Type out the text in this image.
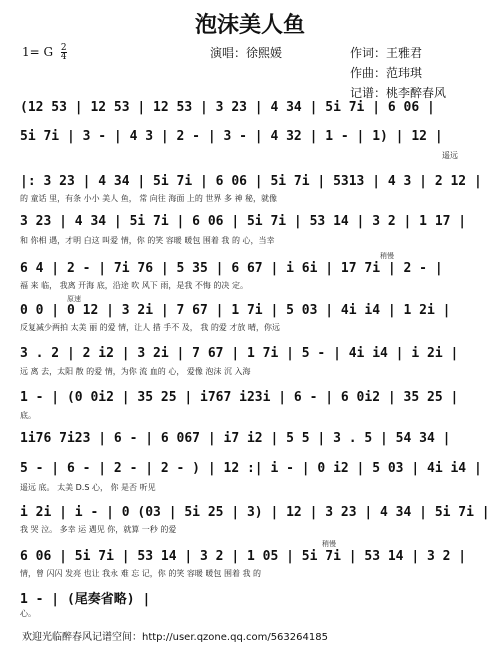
泡沫美人鱼
1= G $\frac{2}{4}$	演唱：徐熙媛	作词：王雅君
作曲：范玮琪
记谱：桃李醉春风
(12 53 | 12 53 | 12 53 | 3 23 | 4 34 | 5i 7i | 6 06 |
5i 7i | 3 - | 4 3 | 2 - | 3 - | 4 32 | 1 - | 1) | 12 |
遥远
|: 3 23 | 4 34 | 5i 7i | 6 06 | 5i 7i | 5313 | 4 3 | 2 12 |
的 童话 里，有条 小小 美人 鱼， 常 向往 海面 上的 世界 多 神 秘，就像
3 23 | 4 34 | 5i 7i | 6 06 | 5i 7i | 53 14 | 3 2 | 1 17 |
和 你相 遇，才明 白这 叫爱 情，你 的笑 容暖 暖包 围着 我 的 心，当幸
稍慢
6 4 | 2 - | 7i 76 | 5 35 | 6 67 | i 6i | 17 7i | 2 - |
福 来 临， 我离 开海 底，沿途 吹 风下 雨，是我 不悔 的决 定。
原速
0 0 | 0 12 | 3 2i | 7 67 | 1 7i | 5 03 | 4i i4 | 1 2i |
反复减少两拍 太美 丽 的爱 情，让人 措 手不 及， 我 的爱 才放 晴，你远
3 . 2 | 2 i2 | 3 2i | 7 67 | 1 7i | 5 - | 4i i4 | i 2i |
远 离 去，太阳 散 的爱 情，为你 流 血的 心， 爱像 泡沫 沉 入海
1 - | (0 0i2 | 35 25 | i767 i23i | 6 - | 6 0i2 | 35 25 |
底。
1i76 7i23 | 6 - | 6 067 | i7 i2 | 5 5 | 3 . 5 | 54 34 |
5 - | 6 - | 2 - | 2 - ) | 12 :| i - | 0 i2 | 5 03 | 4i i4 |
遥远 底。 太美 D.S 心， 你 是否 听见
i 2i | i - | 0 (03 | 5i 25 | 3) | 12 | 3 23 | 4 34 | 5i 7i |
我 哭 泣。 多幸 运 遇见 你，就算 一秒 的爱
稍慢
6 06 | 5i 7i | 53 14 | 3 2 | 1 05 | 5i 7i | 53 14 | 3 2 |
情，曾 闪闪 发亮 也让 我永 难 忘 记，你 的笑 容暖 暖包 围着 我 的
1 - | (尾奏省略) |
心。
欢迎光临醉春风记谱空间：http://user.qzone.qq.com/563264185
